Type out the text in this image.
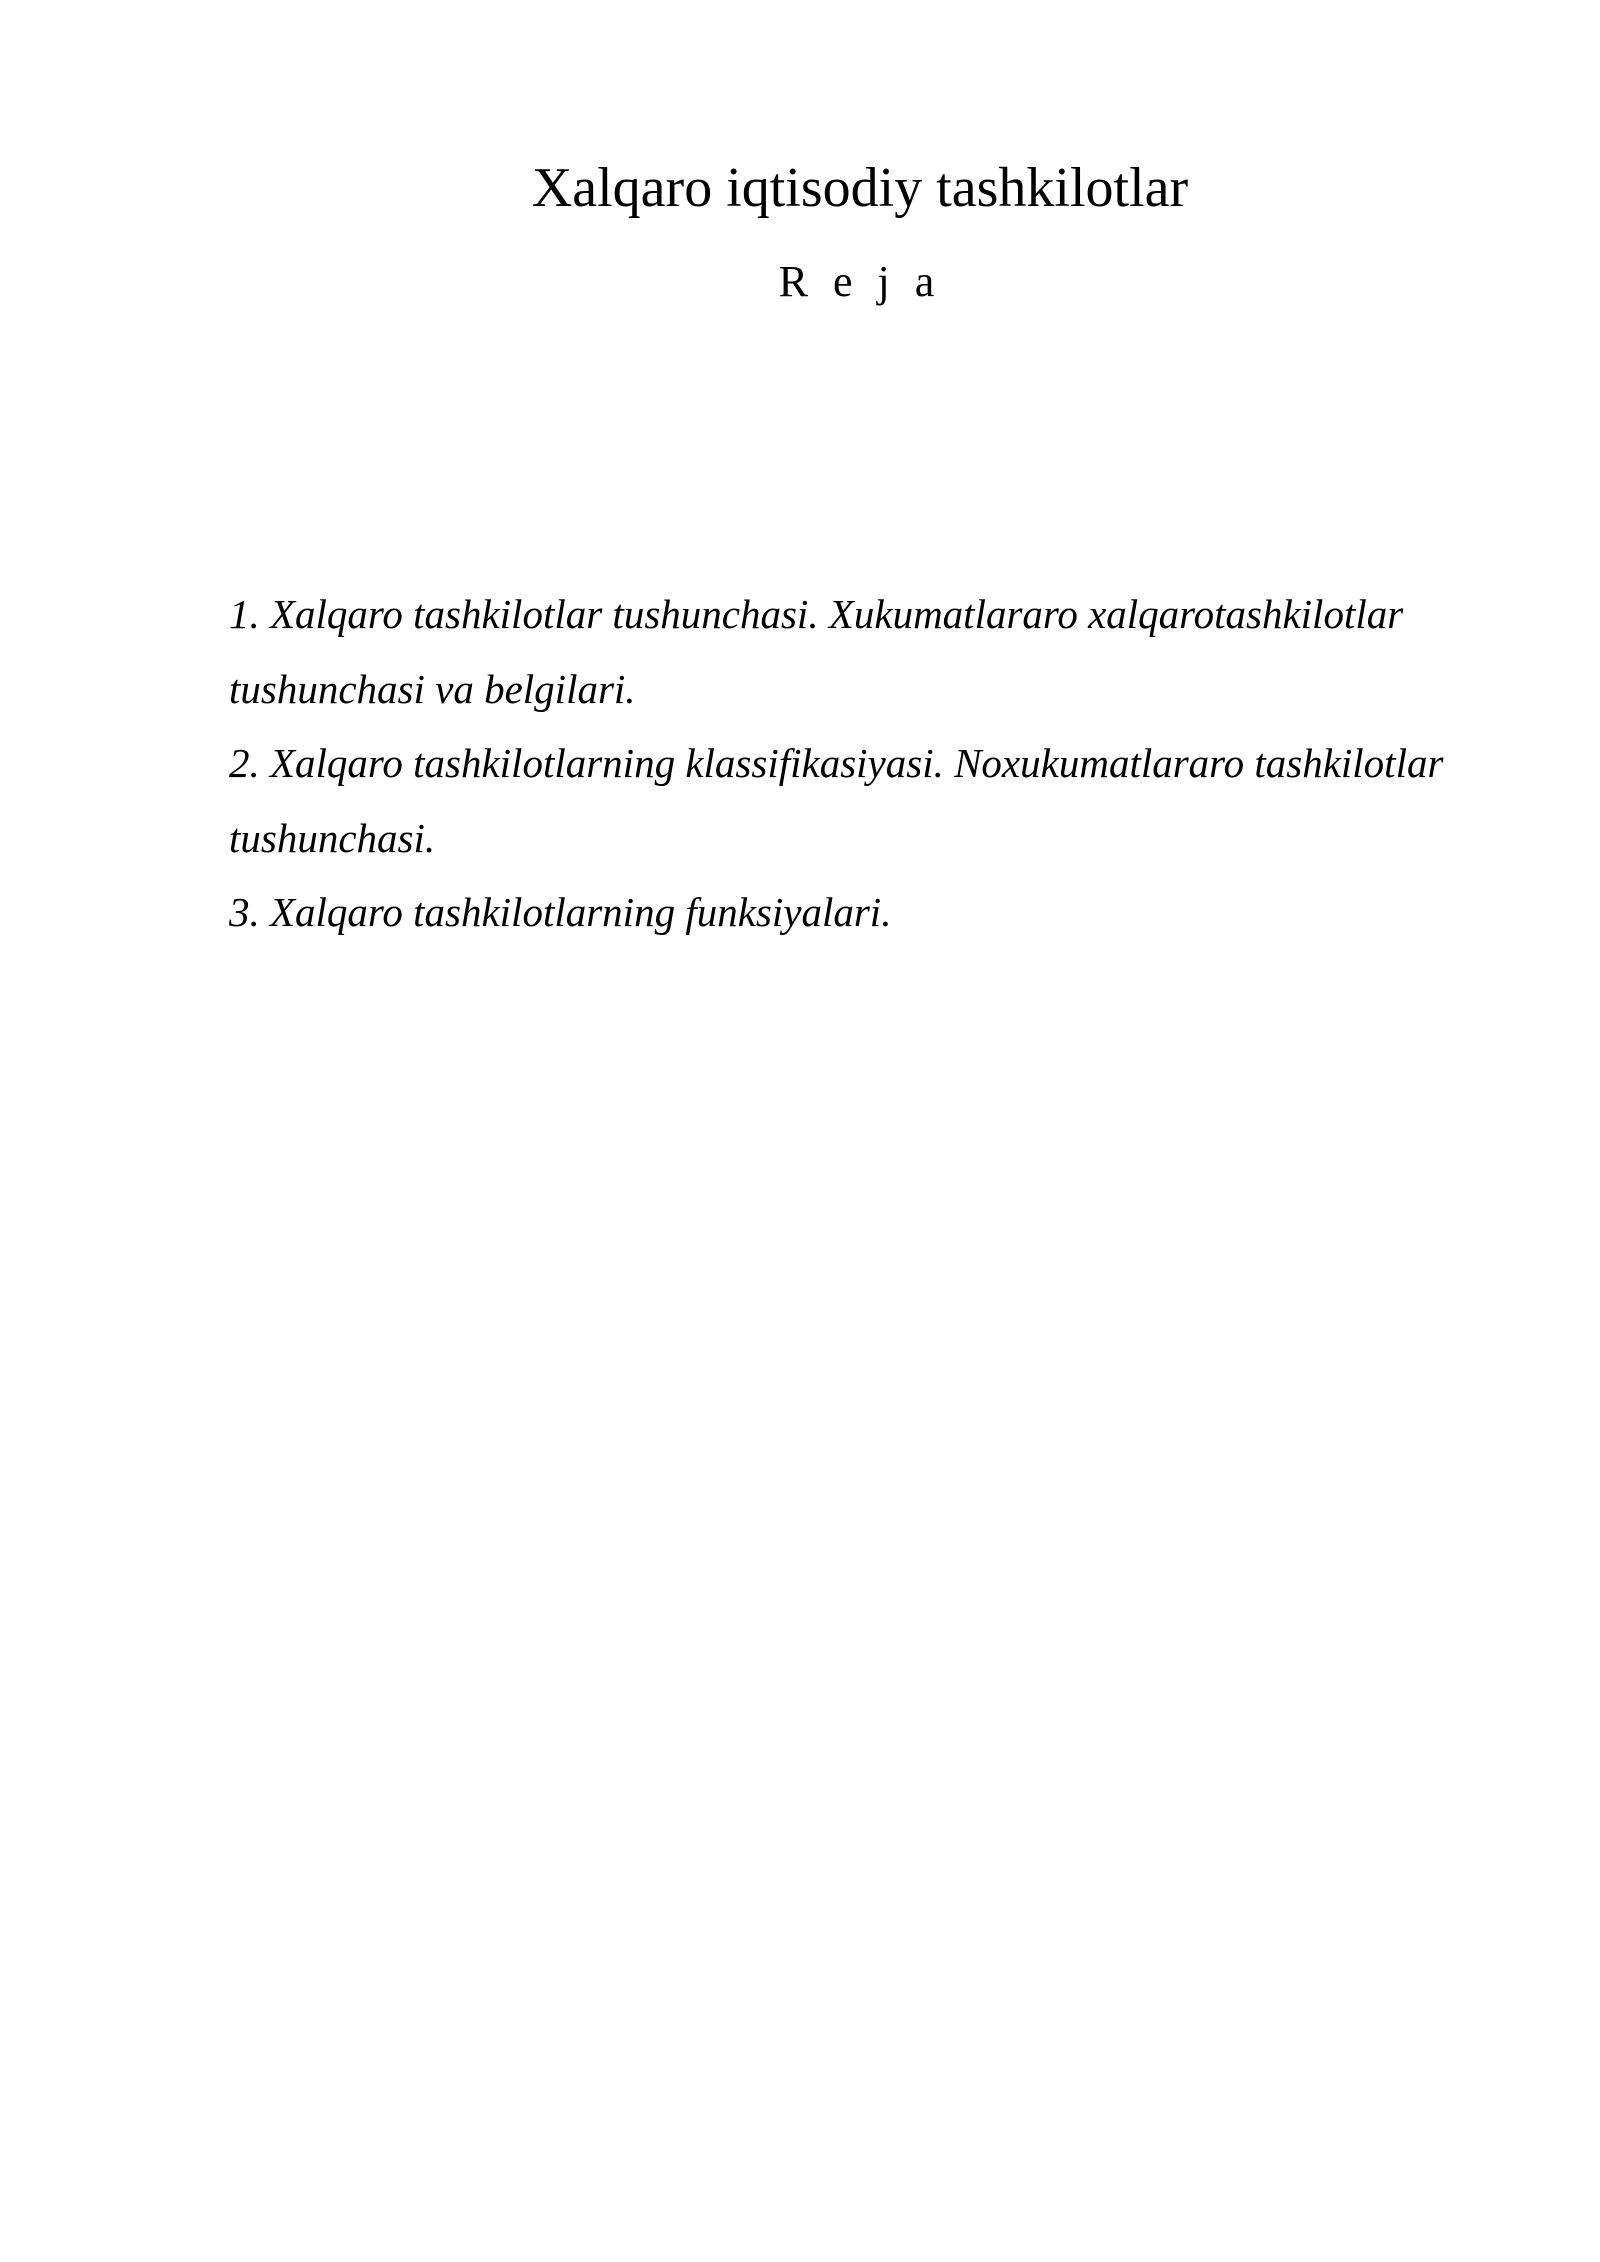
Xalqaro iqtisodiy tashkilotlar
R e j a
1. Xalqaro tashkilotlar tushunchasi. Xukumatlararo xalqarotashkilotlar tushunchasi va belgilari.
2. Xalqaro tashkilotlarning klassifikasiyasi. Noxukumatlararo tashkilotlar tushunchasi.
3. Xalqaro tashkilotlarning funksiyalari.
